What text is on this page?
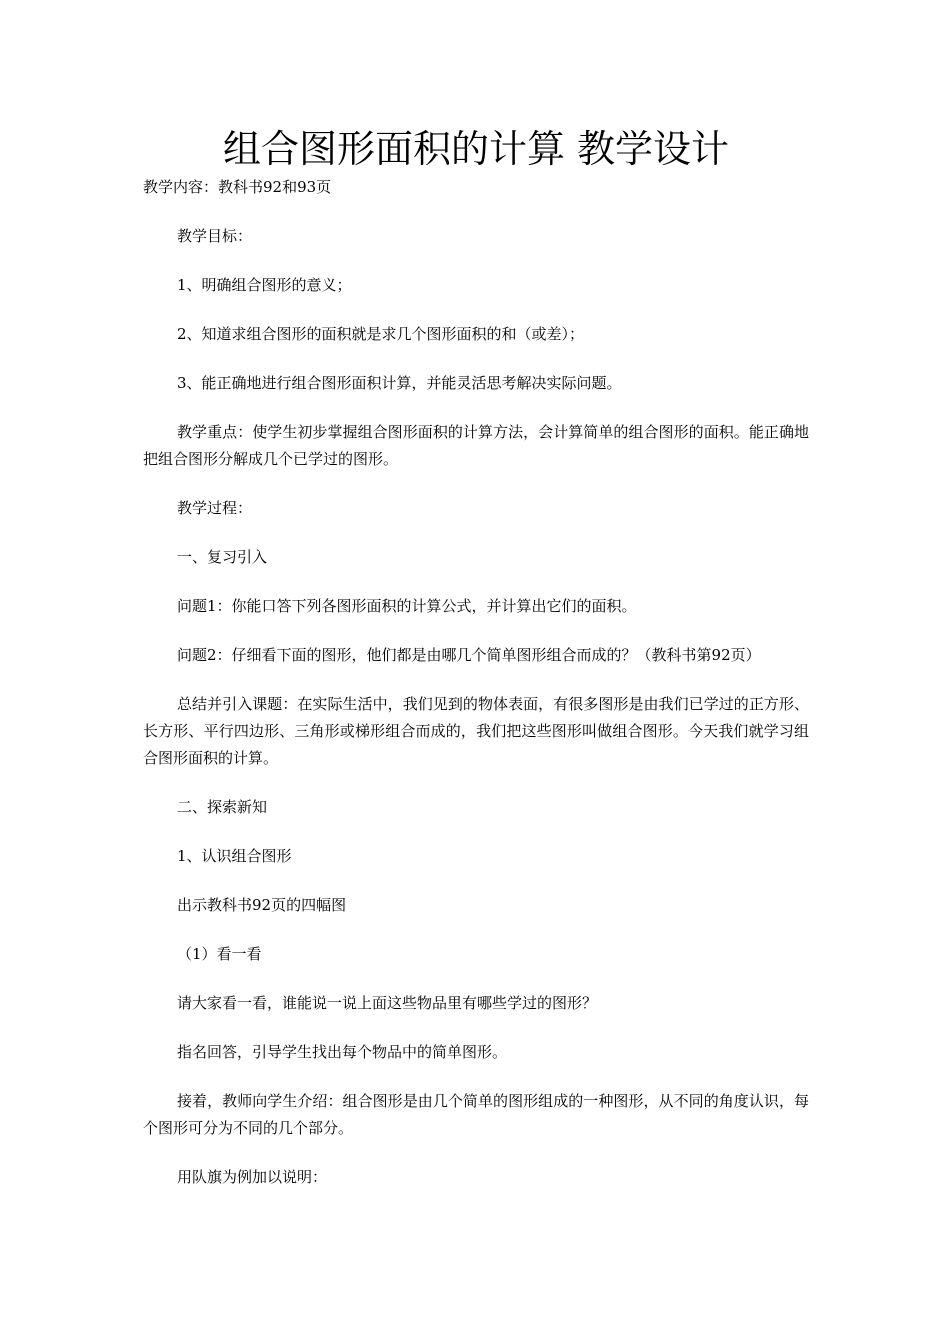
组合图形面积的计算 教学设计

教学内容：教科书92和93页

教学目标：

1、明确组合图形的意义；

2、知道求组合图形的面积就是求几个图形面积的和（或差）；

3、能正确地进行组合图形面积计算，并能灵活思考解决实际问题。

教学重点：使学生初步掌握组合图形面积的计算方法，会计算简单的组合图形的面积。能正确地把组合图形分解成几个已学过的图形。

教学过程：

一、复习引入

问题1：你能口答下列各图形面积的计算公式，并计算出它们的面积。

问题2：仔细看下面的图形，他们都是由哪几个简单图形组合而成的？（教科书第92页）

总结并引入课题：在实际生活中，我们见到的物体表面，有很多图形是由我们已学过的正方形、长方形、平行四边形、三角形或梯形组合而成的，我们把这些图形叫做组合图形。今天我们就学习组合图形面积的计算。

二、探索新知

1、认识组合图形

出示教科书92页的四幅图

（1）看一看

请大家看一看，谁能说一说上面这些物品里有哪些学过的图形？

指名回答，引导学生找出每个物品中的简单图形。

接着，教师向学生介绍：组合图形是由几个简单的图形组成的一种图形，从不同的角度认识，每个图形可分为不同的几个部分。

用队旗为例加以说明：
